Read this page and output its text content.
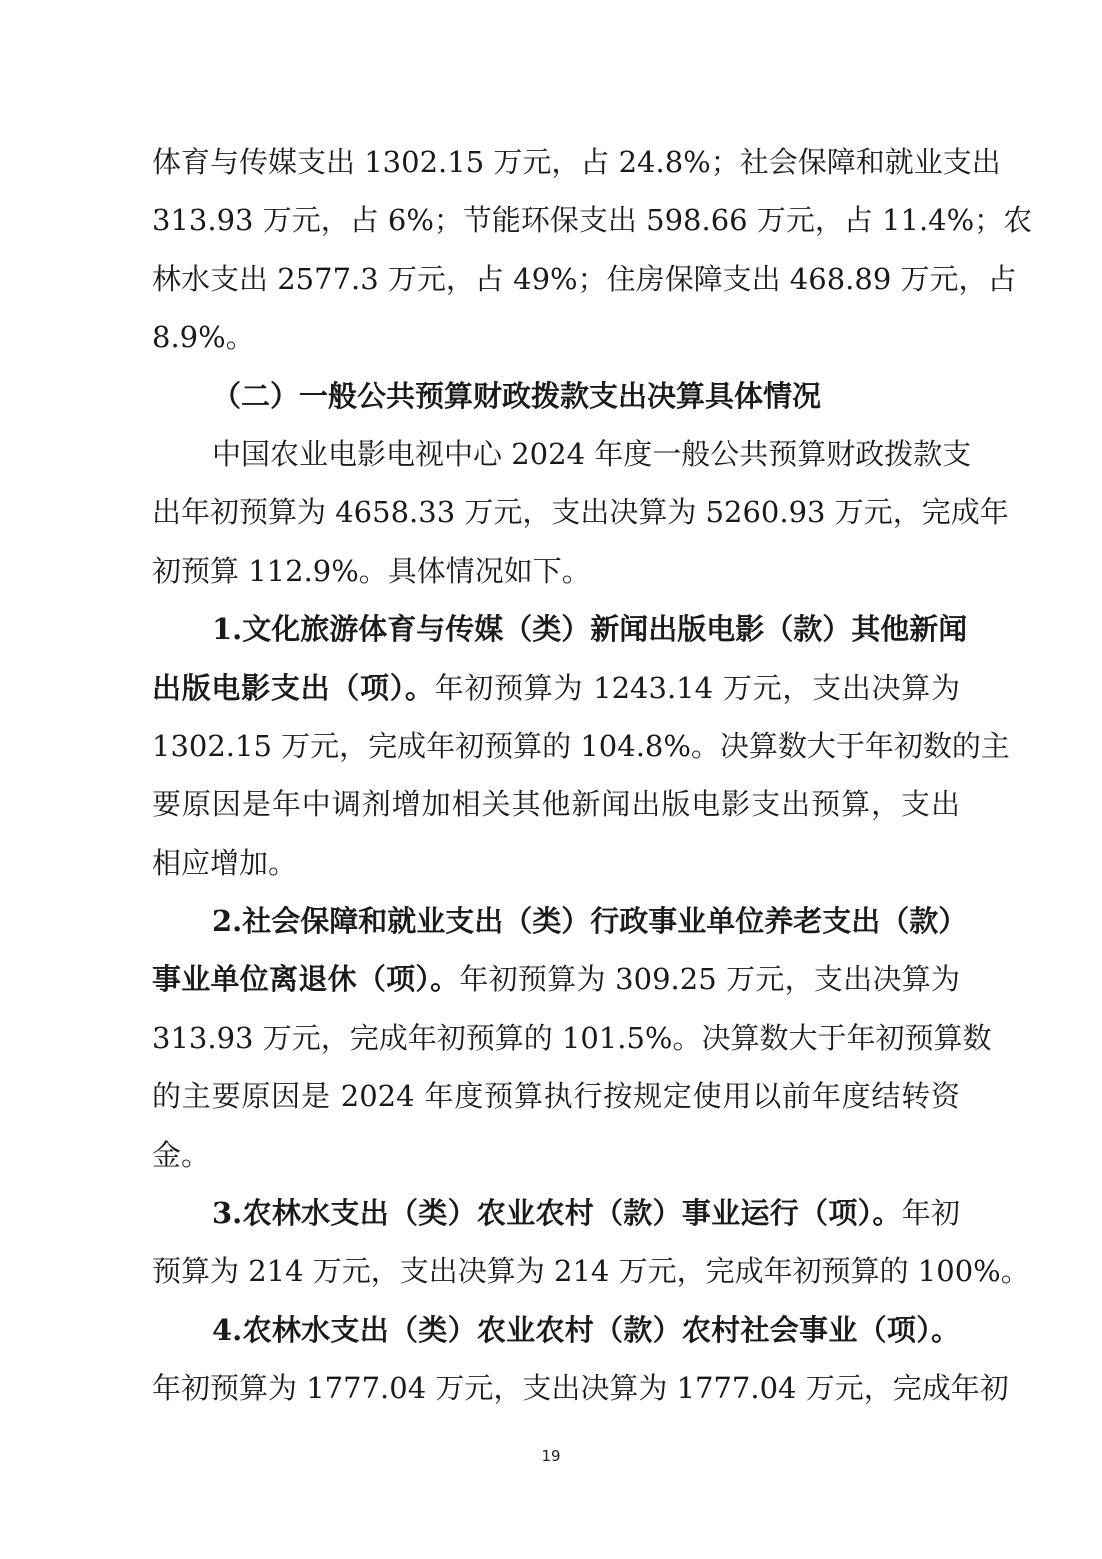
体育与传媒支出 1302.15 万元，占 24.8%；社会保障和就业支出
313.93 万元，占 6%；节能环保支出 598.66 万元，占 11.4%；农
林水支出 2577.3 万元，占 49%；住房保障支出 468.89 万元，占
8.9%。
（二）一般公共预算财政拨款支出决算具体情况
中国农业电影电视中心 2024 年度一般公共预算财政拨款支
出年初预算为 4658.33 万元，支出决算为 5260.93 万元，完成年
初预算 112.9%。具体情况如下。
1.文化旅游体育与传媒（类）新闻出版电影（款）其他新闻
出版电影支出（项）。年初预算为 1243.14 万元，支出决算为
1302.15 万元，完成年初预算的 104.8%。决算数大于年初数的主
要原因是年中调剂增加相关其他新闻出版电影支出预算，支出
相应增加。
2.社会保障和就业支出（类）行政事业单位养老支出（款）
事业单位离退休（项）。年初预算为 309.25 万元，支出决算为
313.93 万元，完成年初预算的 101.5%。决算数大于年初预算数
的主要原因是 2024 年度预算执行按规定使用以前年度结转资
金。
3.农林水支出（类）农业农村（款）事业运行（项）。年初
预算为 214 万元，支出决算为 214 万元，完成年初预算的 100%。
4.农林水支出（类）农业农村（款）农村社会事业（项）。
年初预算为 1777.04 万元，支出决算为 1777.04 万元，完成年初
19
